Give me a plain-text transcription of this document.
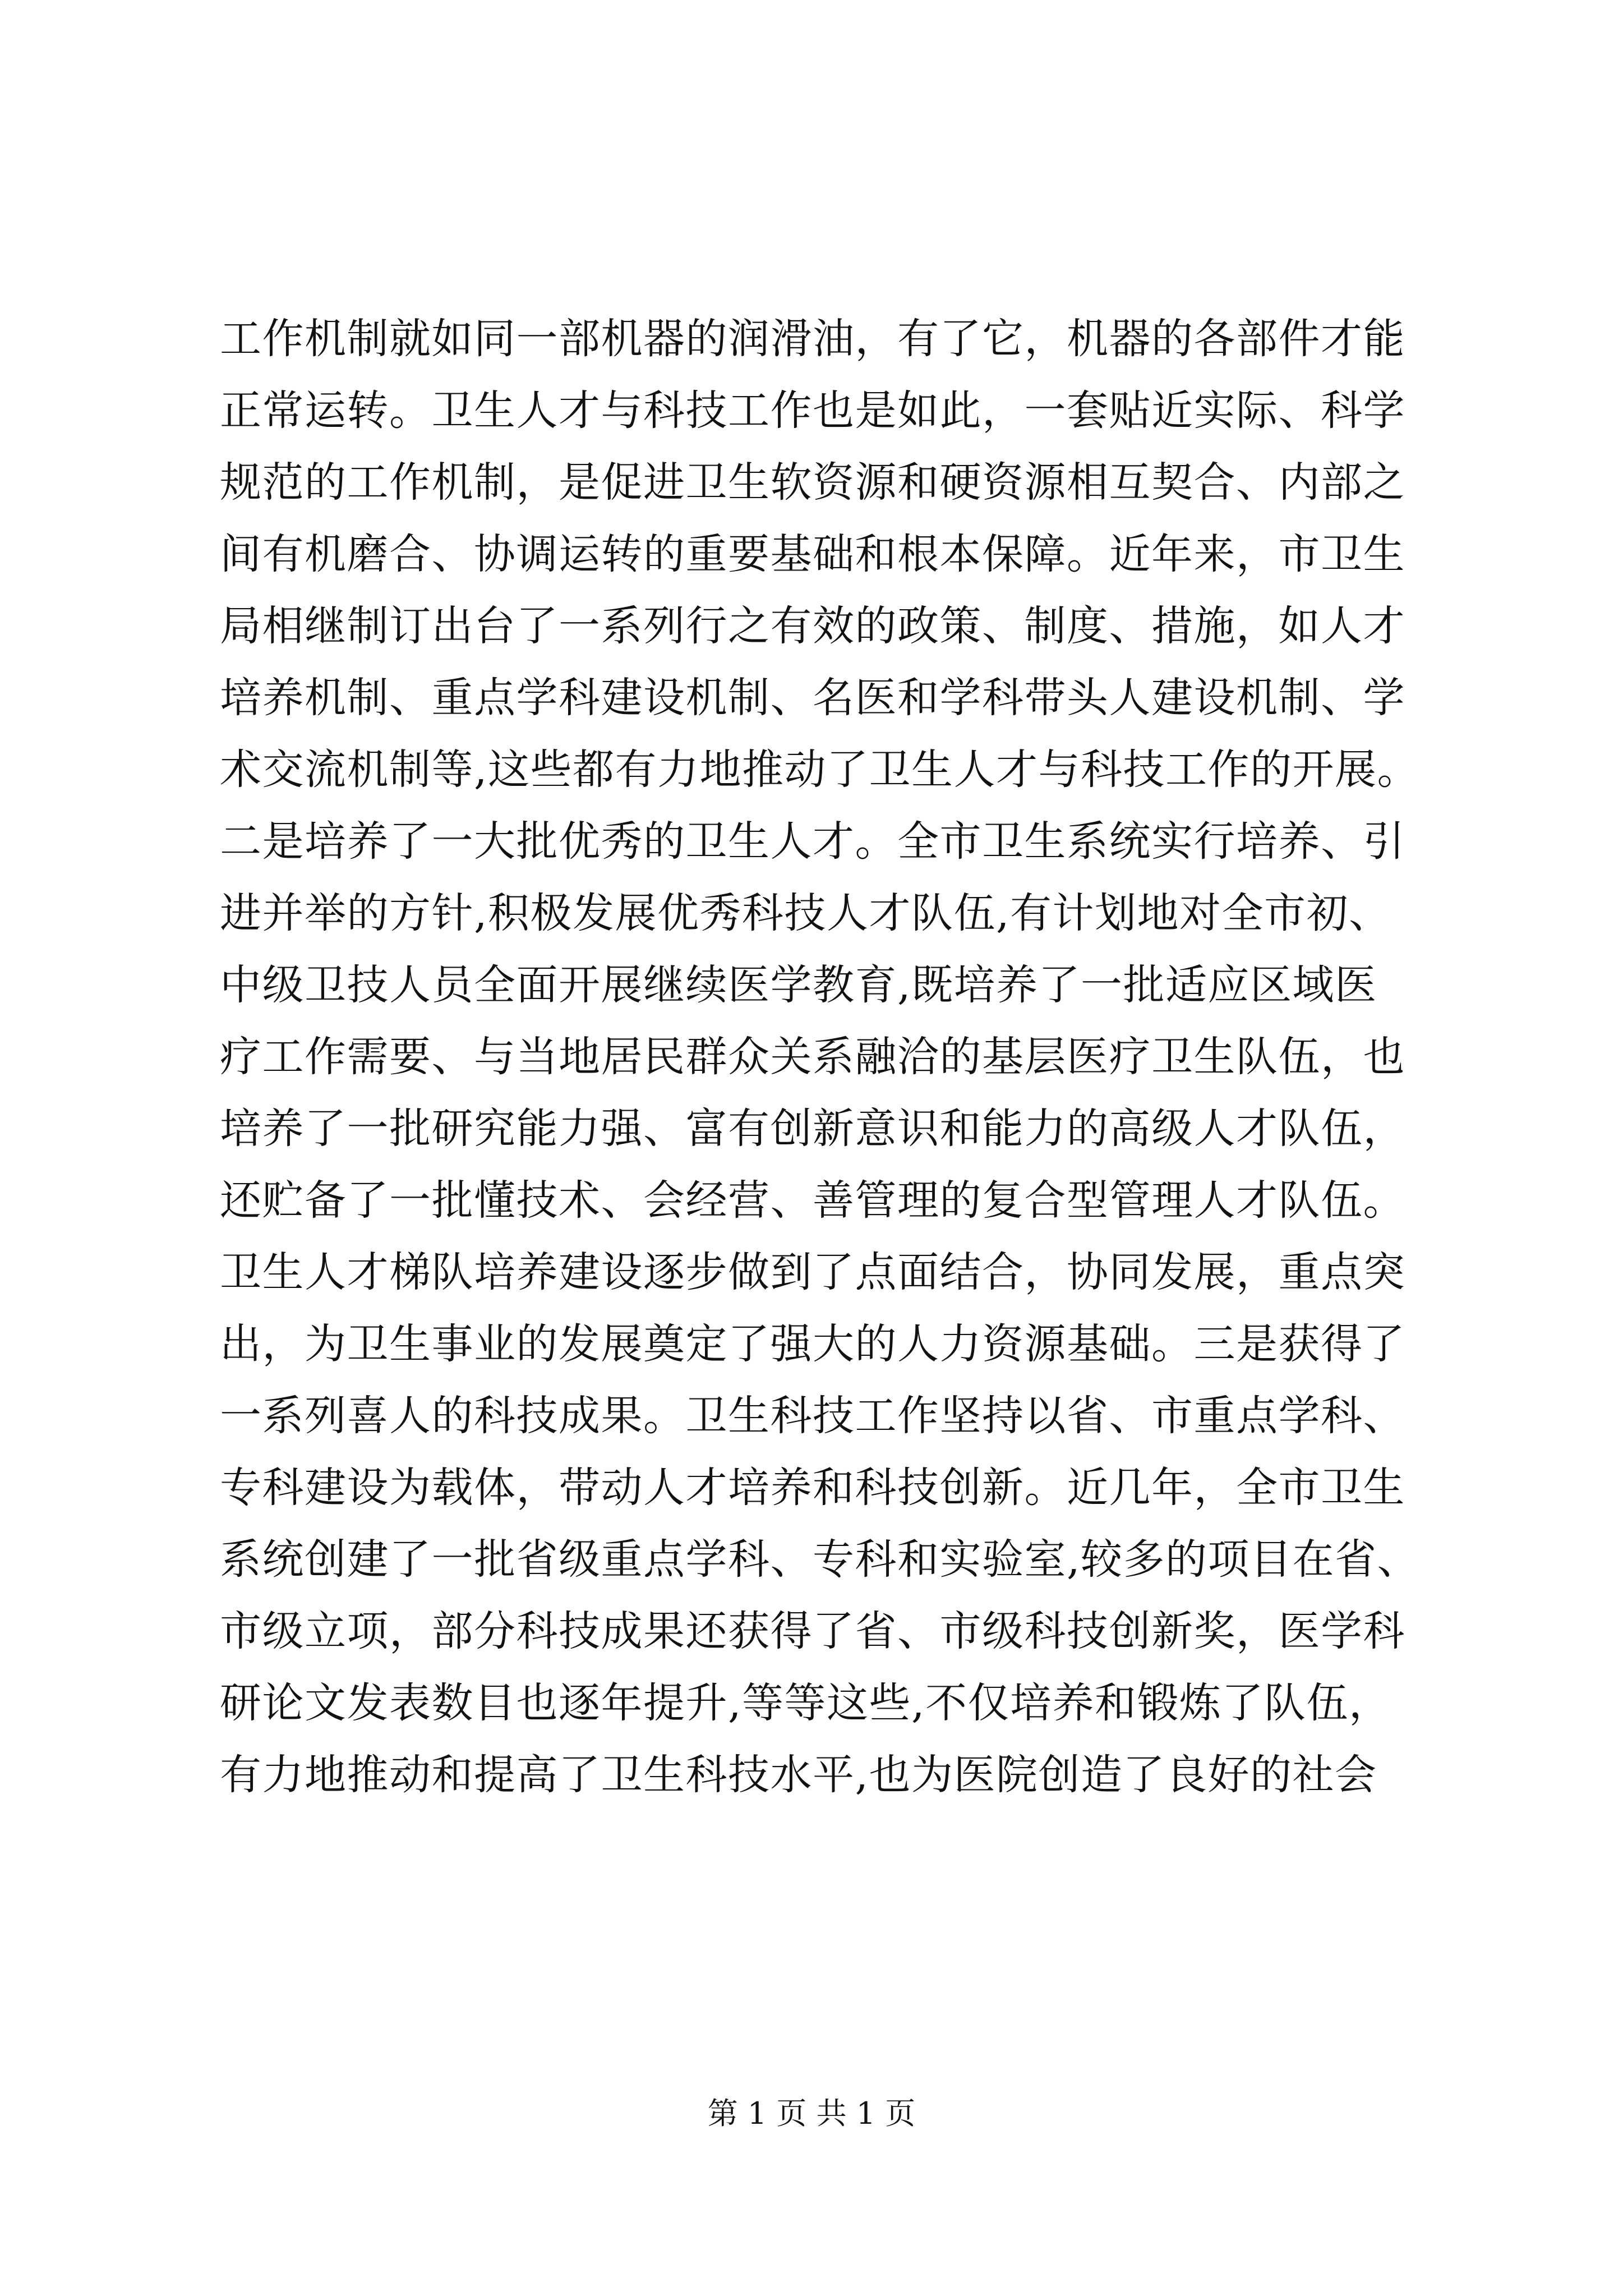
工作机制就如同一部机器的润滑油，有了它，机器的各部件才能
正常运转。卫生人才与科技工作也是如此，一套贴近实际、科学
规范的工作机制，是促进卫生软资源和硬资源相互契合、内部之
间有机磨合、协调运转的重要基础和根本保障。近年来，市卫生
局相继制订出台了一系列行之有效的政策、制度、措施，如人才
培养机制、重点学科建设机制、名医和学科带头人建设机制、学
术交流机制等,这些都有力地推动了卫生人才与科技工作的开展。
二是培养了一大批优秀的卫生人才。全市卫生系统实行培养、引
进并举的方针,积极发展优秀科技人才队伍,有计划地对全市初、
中级卫技人员全面开展继续医学教育,既培养了一批适应区域医
疗工作需要、与当地居民群众关系融洽的基层医疗卫生队伍，也
培养了一批研究能力强、富有创新意识和能力的高级人才队伍，
还贮备了一批懂技术、会经营、善管理的复合型管理人才队伍。
卫生人才梯队培养建设逐步做到了点面结合，协同发展，重点突
出，为卫生事业的发展奠定了强大的人力资源基础。三是获得了
一系列喜人的科技成果。卫生科技工作坚持以省、市重点学科、
专科建设为载体，带动人才培养和科技创新。近几年，全市卫生
系统创建了一批省级重点学科、专科和实验室,较多的项目在省、
市级立项，部分科技成果还获得了省、市级科技创新奖，医学科
研论文发表数目也逐年提升,等等这些,不仅培养和锻炼了队伍，
有力地推动和提高了卫生科技水平,也为医院创造了良好的社会
第 1 页 共 1 页
